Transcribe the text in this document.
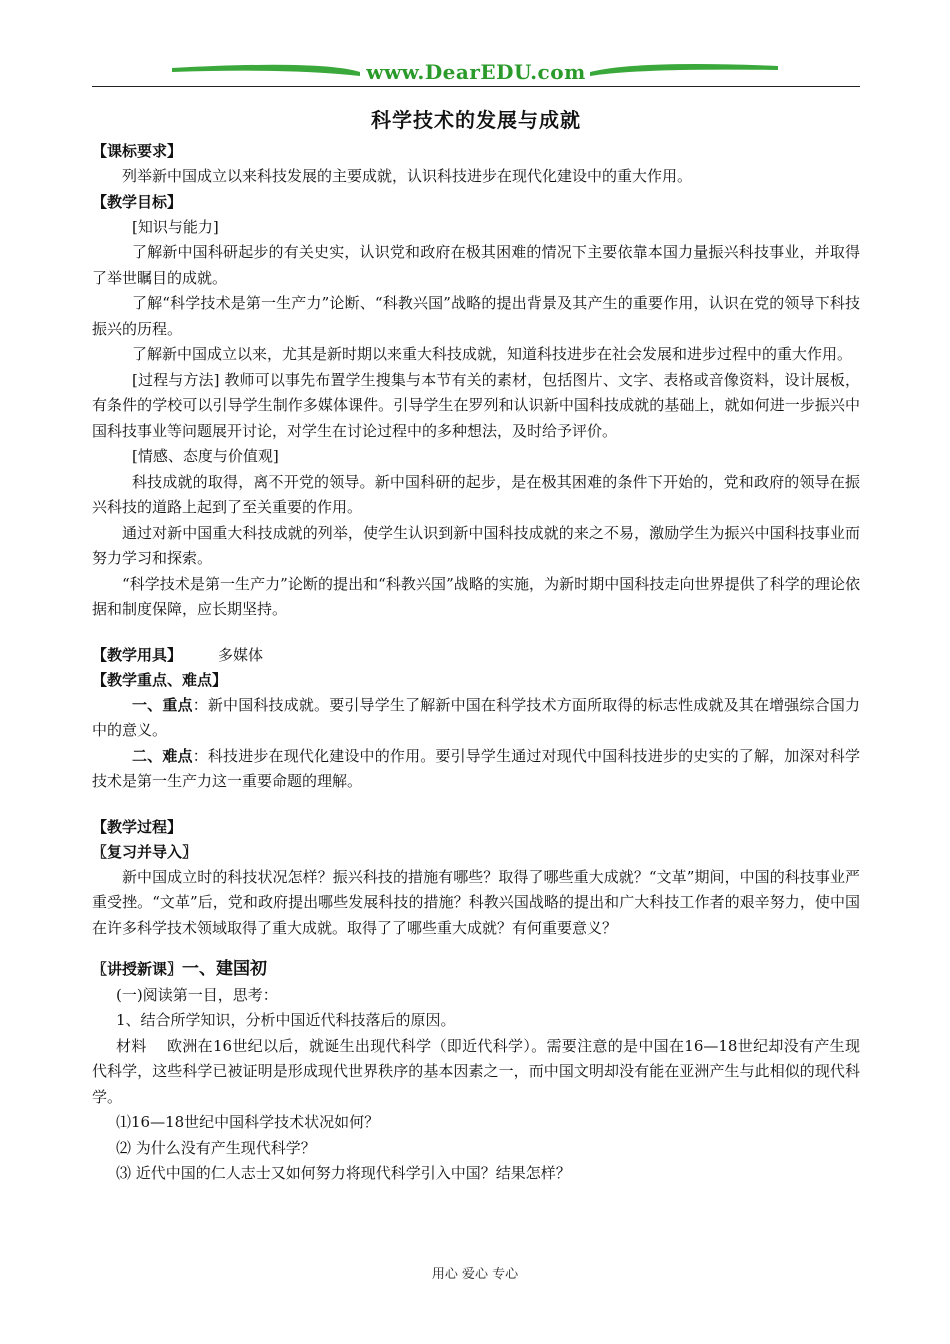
www.DearEDU.com
科学技术的发展与成就
【课标要求】
列举新中国成立以来科技发展的主要成就，认识科技进步在现代化建设中的重大作用。
【教学目标】
[知识与能力]
了解新中国科研起步的有关史实，认识党和政府在极其困难的情况下主要依靠本国力量振兴科技事业，并取得了举世瞩目的成就。
了解“科学技术是第一生产力”论断、“科教兴国”战略的提出背景及其产生的重要作用，认识在党的领导下科技振兴的历程。
了解新中国成立以来，尤其是新时期以来重大科技成就，知道科技进步在社会发展和进步过程中的重大作用。
[过程与方法] 教师可以事先布置学生搜集与本节有关的素材，包括图片、文字、表格或音像资料，设计展板，有条件的学校可以引导学生制作多媒体课件。引导学生在罗列和认识新中国科技成就的基础上，就如何进一步振兴中国科技事业等问题展开讨论，对学生在讨论过程中的多种想法，及时给予评价。
[情感、态度与价值观]
科技成就的取得，离不开党的领导。新中国科研的起步，是在极其困难的条件下开始的，党和政府的领导在振兴科技的道路上起到了至关重要的作用。
通过对新中国重大科技成就的列举，使学生认识到新中国科技成就的来之不易，激励学生为振兴中国科技事业而努力学习和探索。
“科学技术是第一生产力”论断的提出和“科教兴国”战略的实施，为新时期中国科技走向世界提供了科学的理论依据和制度保障，应长期坚持。
【教学用具】 多媒体
【教学重点、难点】
一、重点：新中国科技成就。要引导学生了解新中国在科学技术方面所取得的标志性成就及其在增强综合国力中的意义。
二、难点：科技进步在现代化建设中的作用。要引导学生通过对现代中国科技进步的史实的了解，加深对科学技术是第一生产力这一重要命题的理解。
【教学过程】
〖复习并导入〗
新中国成立时的科技状况怎样？振兴科技的措施有哪些？取得了哪些重大成就？“文革”期间，中国的科技事业严重受挫。“文革”后，党和政府提出哪些发展科技的措施？科教兴国战略的提出和广大科技工作者的艰辛努力，使中国在许多科学技术领域取得了重大成就。取得了了哪些重大成就？有何重要意义？
〖讲授新课〗一、建国初
(一)阅读第一目，思考：
1、结合所学知识，分析中国近代科技落后的原因。
材料　 欧洲在16世纪以后，就诞生出现代科学（即近代科学）。需要注意的是中国在16—18世纪却没有产生现代科学，这些科学已被证明是形成现代世界秩序的基本因素之一，而中国文明却没有能在亚洲产生与此相似的现代科学。
⑴16—18世纪中国科学技术状况如何？
⑵ 为什么没有产生现代科学？
⑶ 近代中国的仁人志士又如何努力将现代科学引入中国？结果怎样？
用心 爱心 专心
